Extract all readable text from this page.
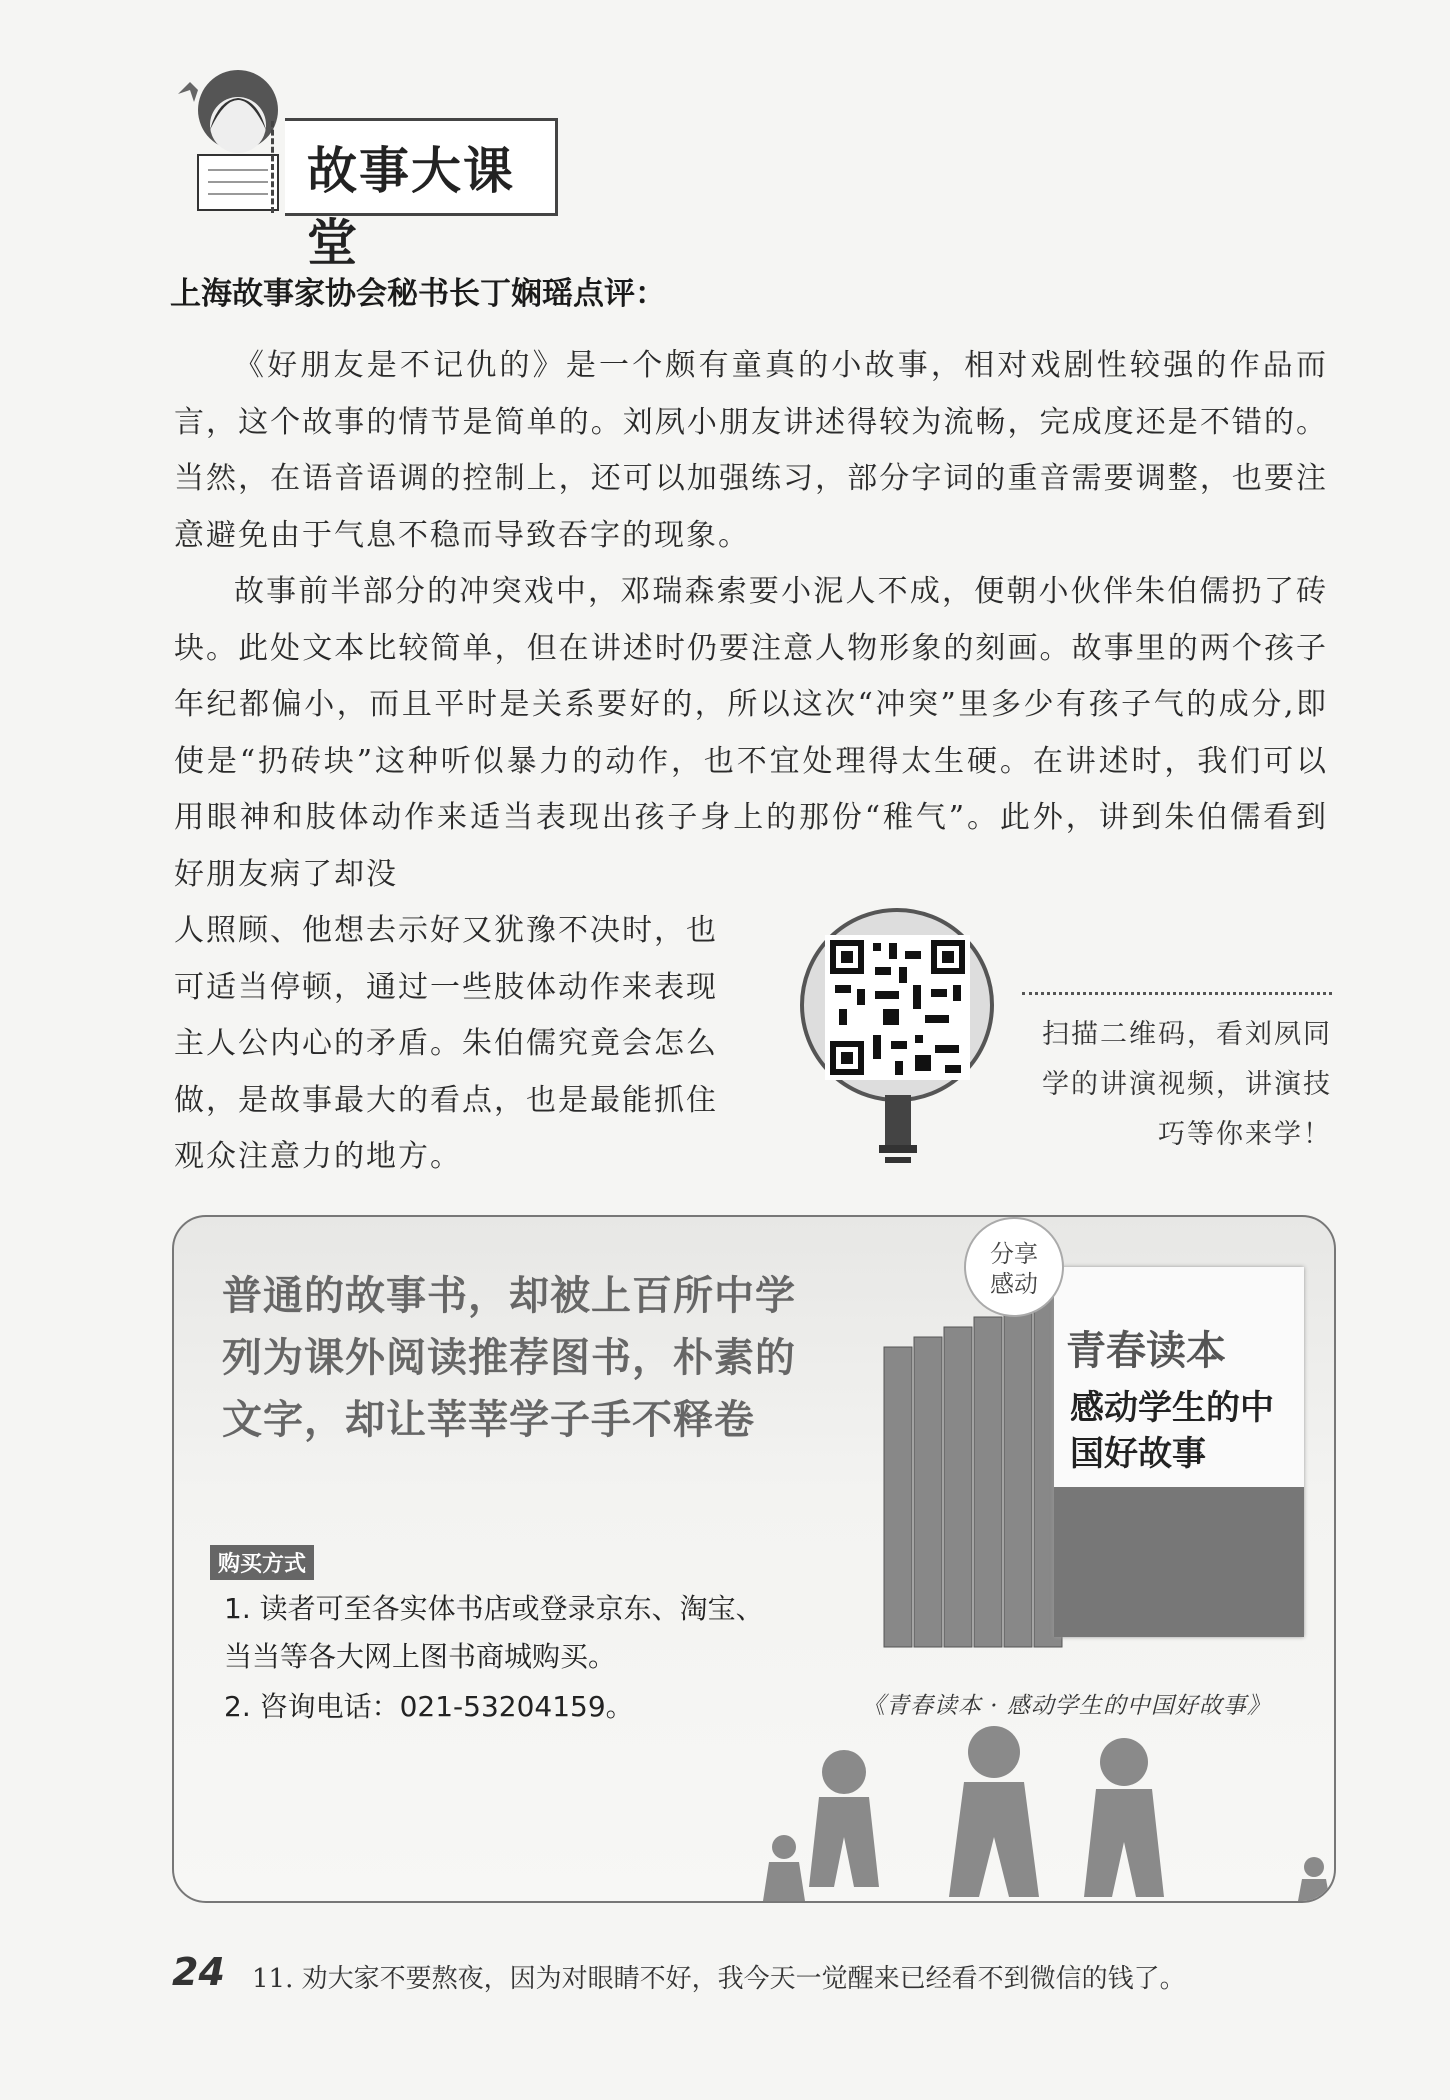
故事大课堂
上海故事家协会秘书长丁娴瑶点评：
《好朋友是不记仇的》是一个颇有童真的小故事，相对戏剧性较强的作品而言，这个故事的情节是简单的。刘夙小朋友讲述得较为流畅，完成度还是不错的。当然，在语音语调的控制上，还可以加强练习，部分字词的重音需要调整，也要注意避免由于气息不稳而导致吞字的现象。
故事前半部分的冲突戏中，邓瑞森索要小泥人不成，便朝小伙伴朱伯儒扔了砖块。此处文本比较简单，但在讲述时仍要注意人物形象的刻画。故事里的两个孩子年纪都偏小，而且平时是关系要好的，所以这次“冲突”里多少有孩子气的成分,即使是“扔砖块”这种听似暴力的动作，也不宜处理得太生硬。在讲述时，我们可以用眼神和肢体动作来适当表现出孩子身上的那份“稚气”。此外，讲到朱伯儒看到好朋友病了却没
人照顾、他想去示好又犹豫不决时，也可适当停顿，通过一些肢体动作来表现主人公内心的矛盾。朱伯儒究竟会怎么做，是故事最大的看点，也是最能抓住观众注意力的地方。
扫描二维码，看刘夙同学的讲演视频，讲演技巧等你来学！
普通的故事书，却被上百所中学列为课外阅读推荐图书，朴素的文字，却让莘莘学子手不释卷
购买方式
1. 读者可至各实体书店或登录京东、淘宝、当当等各大网上图书商城购买。
2. 咨询电话：021-53204159。
青春读本
感动学生的中国好故事
分享
感动
《青春读本 · 感动学生的中国好故事》
24 11. 劝大家不要熬夜，因为对眼睛不好，我今天一觉醒来已经看不到微信的钱了。
